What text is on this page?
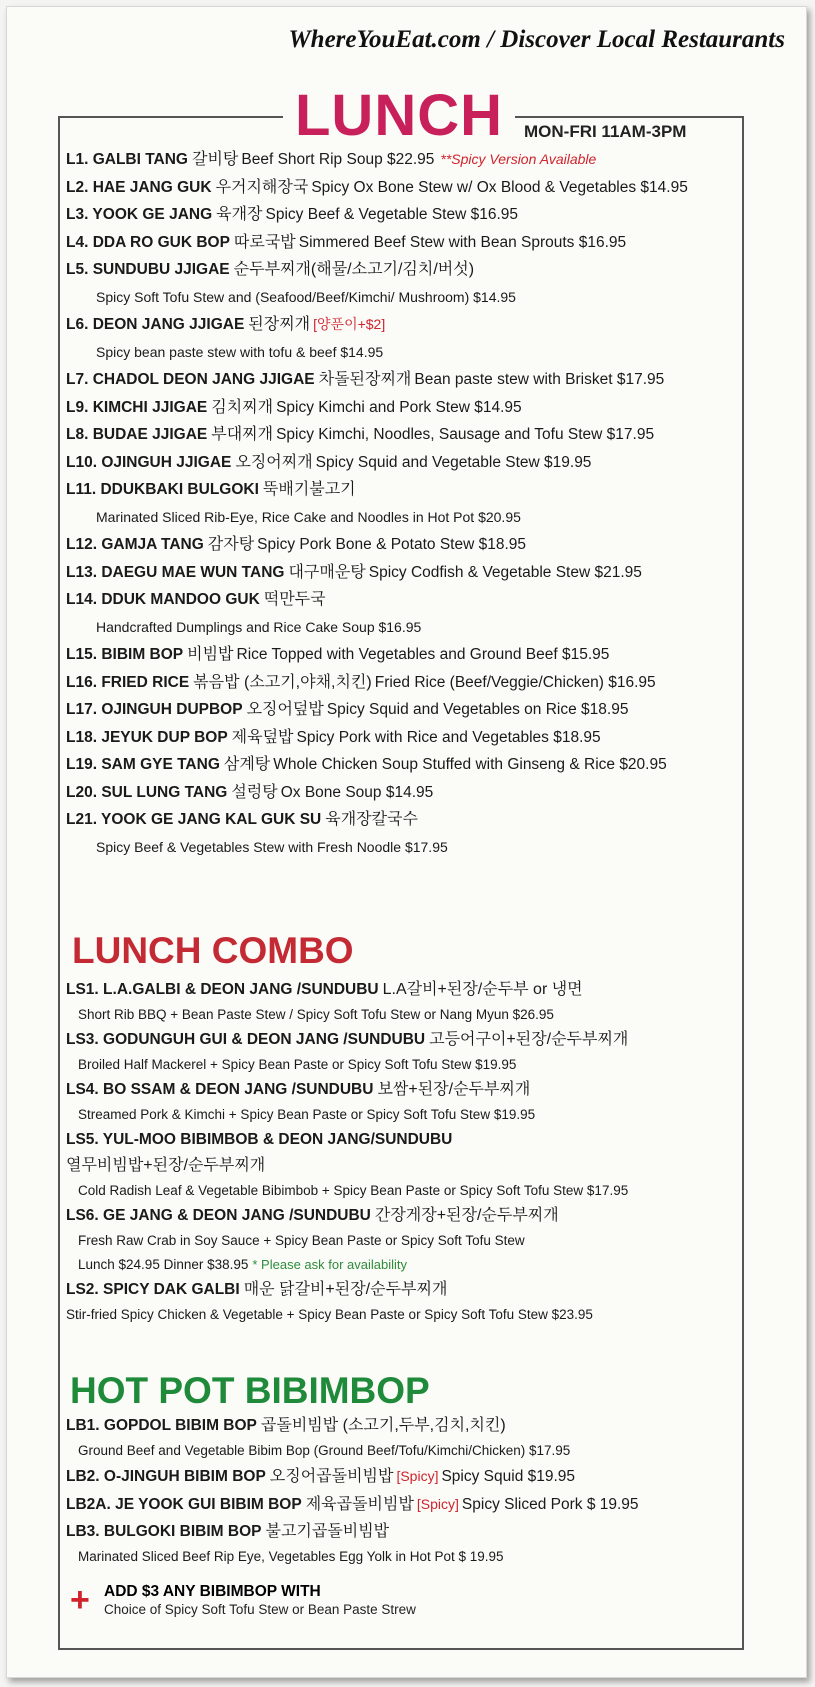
WhereYouEat.com / Discover Local Restaurants
LUNCH	MON-FRI 11AM-3PM
L1. GALBI TANG 갈비탕 Beef Short Rip Soup $22.95 **Spicy Version Available
L2. HAE JANG GUK 우거지해장국 Spicy Ox Bone Stew w/ Ox Blood & Vegetables $14.95
L3. YOOK GE JANG 육개장 Spicy Beef & Vegetable Stew $16.95
L4. DDA RO GUK BOP 따로국밥 Simmered Beef Stew with Bean Sprouts $16.95
L5. SUNDUBU JJIGAE 순두부찌개(해물/소고기/김치/버섯)
Spicy Soft Tofu Stew and (Seafood/Beef/Kimchi/ Mushroom) $14.95
L6. DEON JANG JJIGAE 된장찌개 [양푼이+$2]
Spicy bean paste stew with tofu & beef $14.95
L7. CHADOL DEON JANG JJIGAE 차돌된장찌개 Bean paste stew with Brisket $17.95
L9. KIMCHI JJIGAE 김치찌개 Spicy Kimchi and Pork Stew $14.95
L8. BUDAE JJIGAE 부대찌개 Spicy Kimchi, Noodles, Sausage and Tofu Stew $17.95
L10. OJINGUH JJIGAE 오징어찌개 Spicy Squid and Vegetable Stew $19.95
L11. DDUKBAKI BULGOKI 뚝배기불고기
Marinated Sliced Rib-Eye, Rice Cake and Noodles in Hot Pot $20.95
L12. GAMJA TANG 감자탕 Spicy Pork Bone & Potato Stew $18.95
L13. DAEGU MAE WUN TANG 대구매운탕 Spicy Codfish & Vegetable Stew $21.95
L14. DDUK MANDOO GUK 떡만두국
Handcrafted Dumplings and Rice Cake Soup $16.95
L15. BIBIM BOP 비빔밥 Rice Topped with Vegetables and Ground Beef $15.95
L16. FRIED RICE 볶음밥 (소고기,야채,치킨) Fried Rice (Beef/Veggie/Chicken) $16.95
L17. OJINGUH DUPBOP 오징어덮밥 Spicy Squid and Vegetables on Rice $18.95
L18. JEYUK DUP BOP 제육덮밥 Spicy Pork with Rice and Vegetables $18.95
L19. SAM GYE TANG 삼계탕 Whole Chicken Soup Stuffed with Ginseng & Rice $20.95
L20. SUL LUNG TANG 설렁탕 Ox Bone Soup $14.95
L21. YOOK GE JANG KAL GUK SU 육개장칼국수
Spicy Beef & Vegetables Stew with Fresh Noodle $17.95
LUNCH COMBO
LS1. L.A.GALBI & DEON JANG /SUNDUBU L.A갈비+된장/순두부 or 냉면
Short Rib BBQ + Bean Paste Stew / Spicy Soft Tofu Stew or Nang Myun $26.95
LS3. GODUNGUH GUI & DEON JANG /SUNDUBU 고등어구이+된장/순두부찌개
Broiled Half Mackerel + Spicy Bean Paste or Spicy Soft Tofu Stew $19.95
LS4. BO SSAM & DEON JANG /SUNDUBU 보쌈+된장/순두부찌개
Streamed Pork & Kimchi + Spicy Bean Paste or Spicy Soft Tofu Stew $19.95
LS5. YUL-MOO BIBIMBOB & DEON JANG/SUNDUBU
열무비빔밥+된장/순두부찌개
Cold Radish Leaf & Vegetable Bibimbob + Spicy Bean Paste or Spicy Soft Tofu Stew $17.95
LS6. GE JANG & DEON JANG /SUNDUBU 간장게장+된장/순두부찌개
Fresh Raw Crab in Soy Sauce + Spicy Bean Paste or Spicy Soft Tofu Stew
Lunch $24.95 Dinner $38.95 * Please ask for availability
LS2. SPICY DAK GALBI 매운 닭갈비+된장/순두부찌개
Stir-fried Spicy Chicken & Vegetable + Spicy Bean Paste or Spicy Soft Tofu Stew $23.95
HOT POT BIBIMBOP
LB1. GOPDOL BIBIM BOP 곱돌비빔밥 (소고기,두부,김치,치킨)
Ground Beef and Vegetable Bibim Bop (Ground Beef/Tofu/Kimchi/Chicken) $17.95
LB2. O-JINGUH BIBIM BOP 오징어곱돌비빔밥 [Spicy] Spicy Squid $19.95
LB2A. JE YOOK GUI BIBIM BOP 제육곱돌비빔밥 [Spicy] Spicy Sliced Pork $ 19.95
LB3. BULGOKI BIBIM BOP 불고기곱돌비빔밥
Marinated Sliced Beef Rip Eye, Vegetables Egg Yolk in Hot Pot $ 19.95
+ ADD $3 ANY BIBIMBOP WITH
Choice of Spicy Soft Tofu Stew or Bean Paste Strew
